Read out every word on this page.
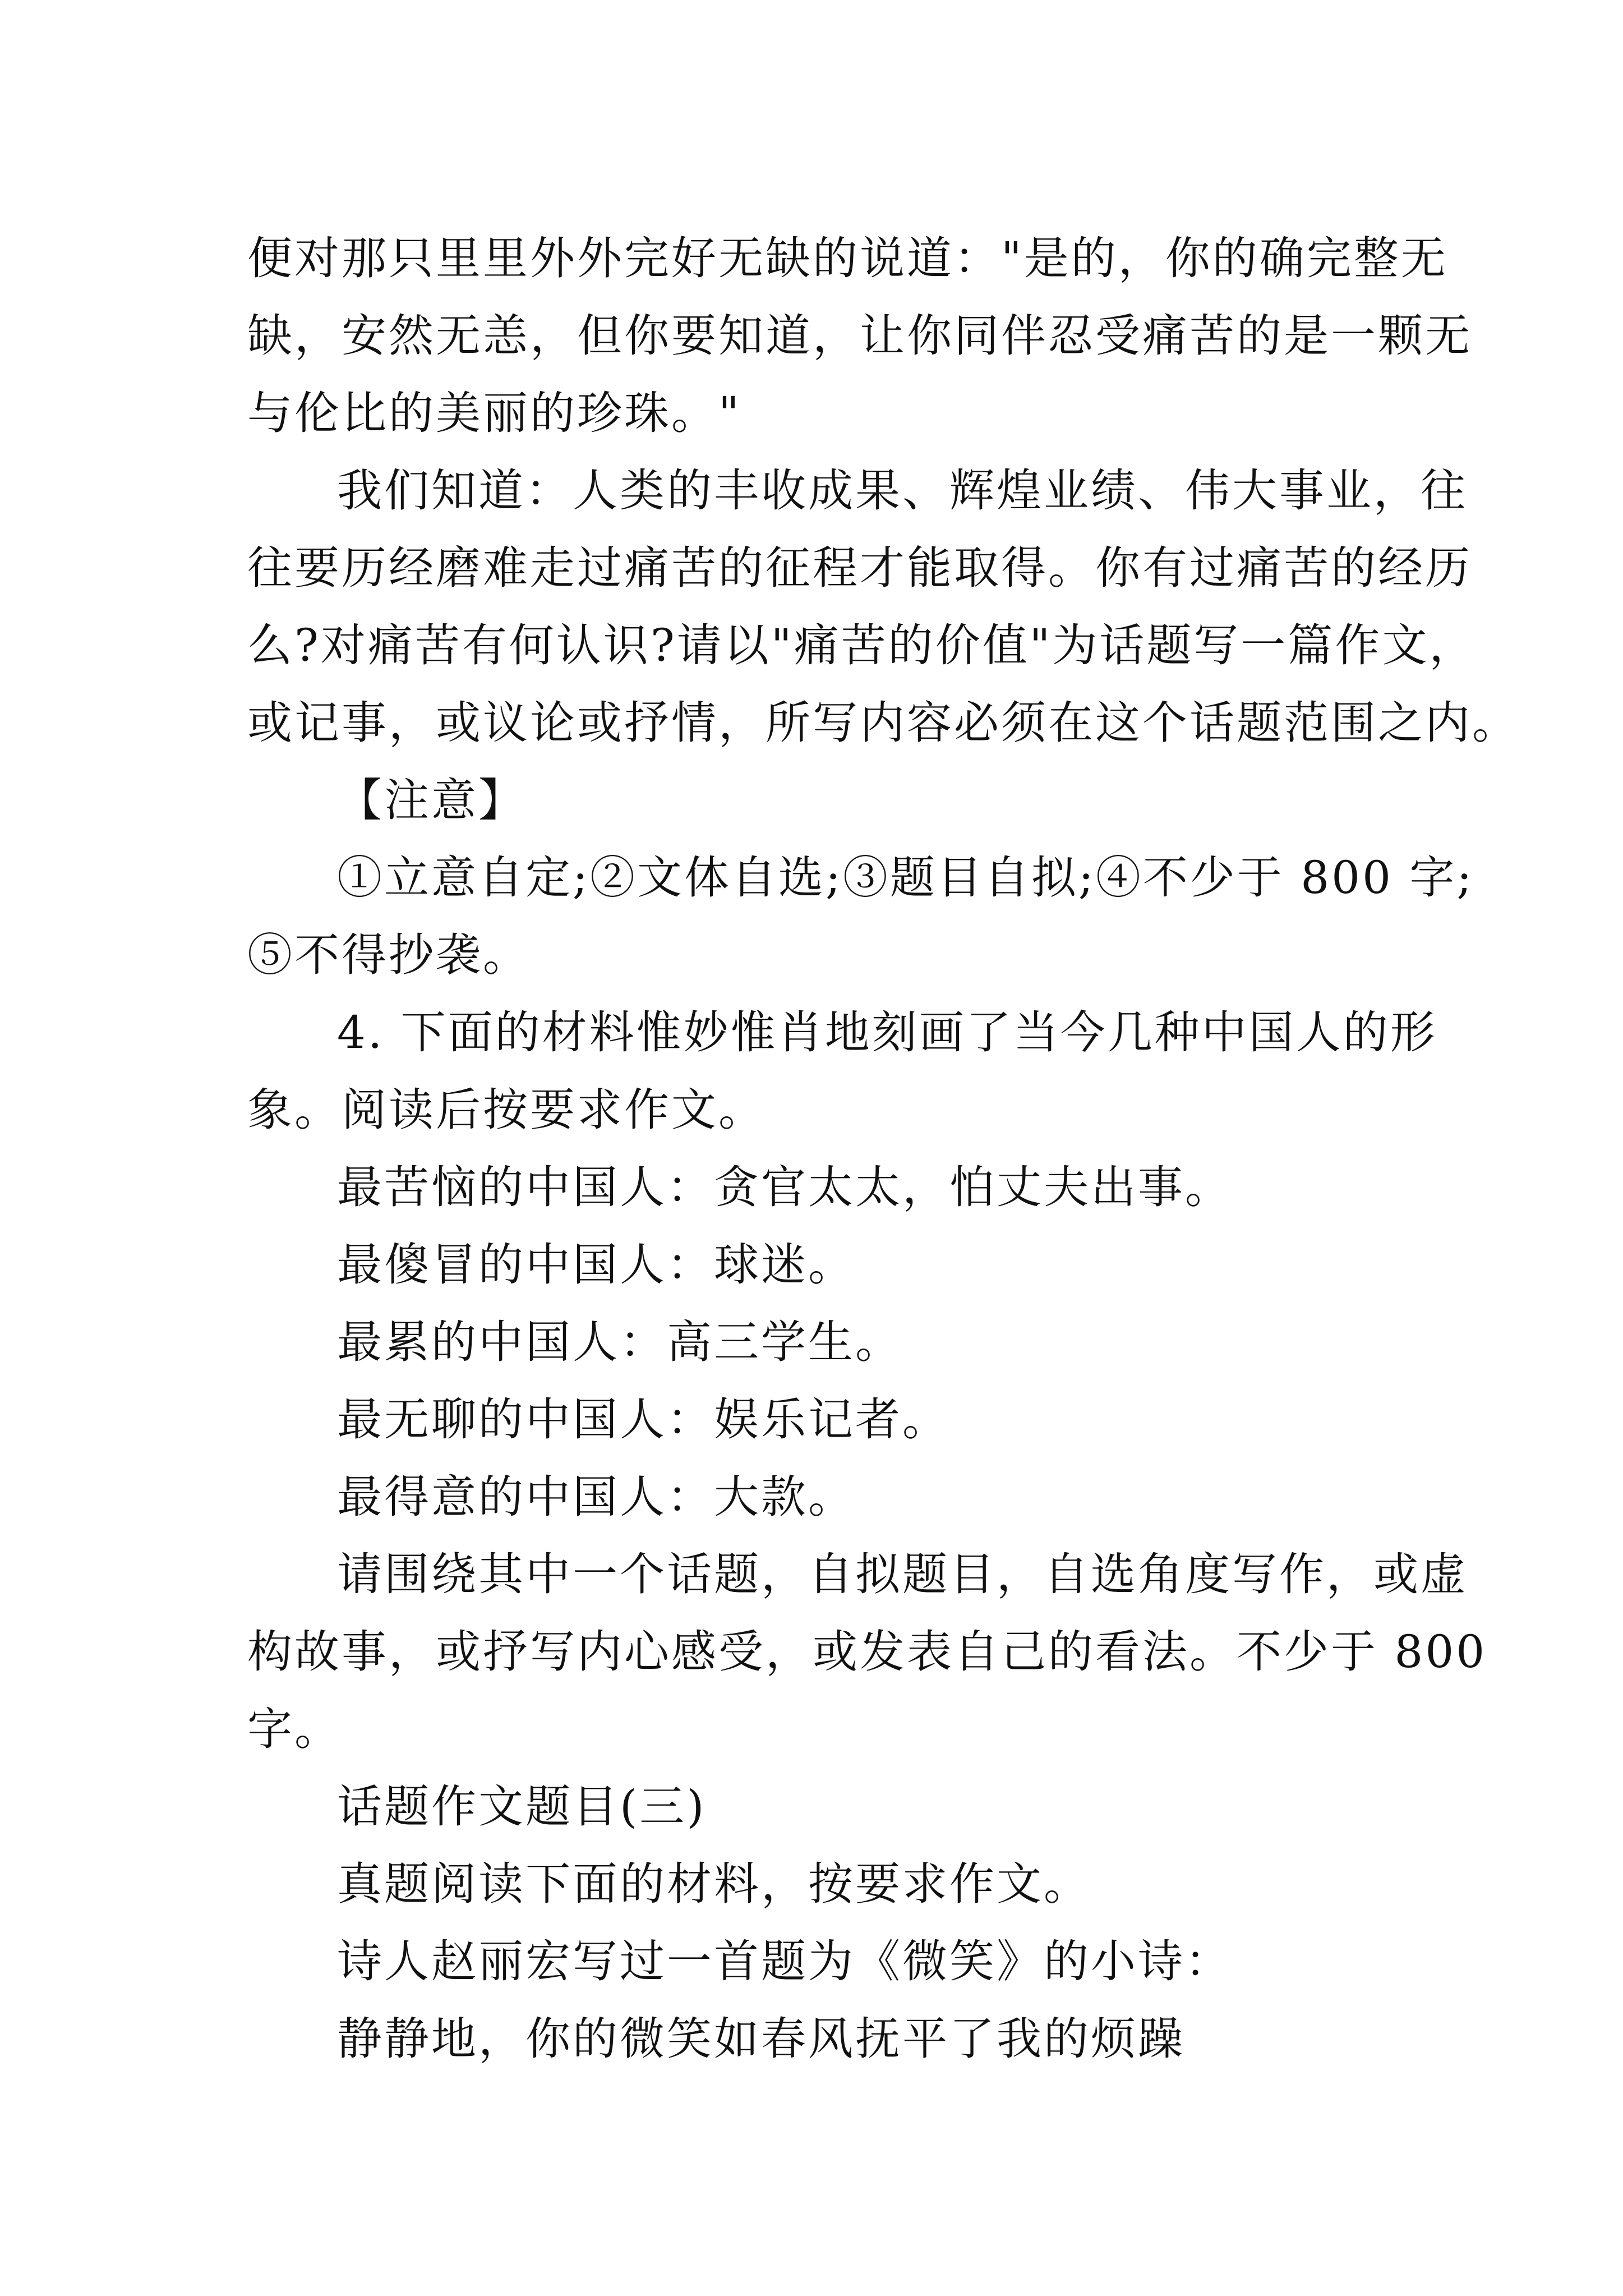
便对那只里里外外完好无缺的说道："是的，你的确完整无
缺，安然无恙，但你要知道，让你同伴忍受痛苦的是一颗无
与伦比的美丽的珍珠。"
我们知道：人类的丰收成果、辉煌业绩、伟大事业，往
往要历经磨难走过痛苦的征程才能取得。你有过痛苦的经历
么?对痛苦有何认识?请以"痛苦的价值"为话题写一篇作文，
或记事，或议论或抒情，所写内容必须在这个话题范围之内。
【注意】
①立意自定;②文体自选;③题目自拟;④不少于 800 字;
⑤不得抄袭。
4. 下面的材料惟妙惟肖地刻画了当今几种中国人的形
象。阅读后按要求作文。
最苦恼的中国人：贪官太太，怕丈夫出事。
最傻冒的中国人：球迷。
最累的中国人：高三学生。
最无聊的中国人：娱乐记者。
最得意的中国人：大款。
请围绕其中一个话题，自拟题目，自选角度写作，或虚
构故事，或抒写内心感受，或发表自己的看法。不少于 800
字。
话题作文题目(三)
真题阅读下面的材料，按要求作文。
诗人赵丽宏写过一首题为《微笑》的小诗：
静静地，你的微笑如春风抚平了我的烦躁
